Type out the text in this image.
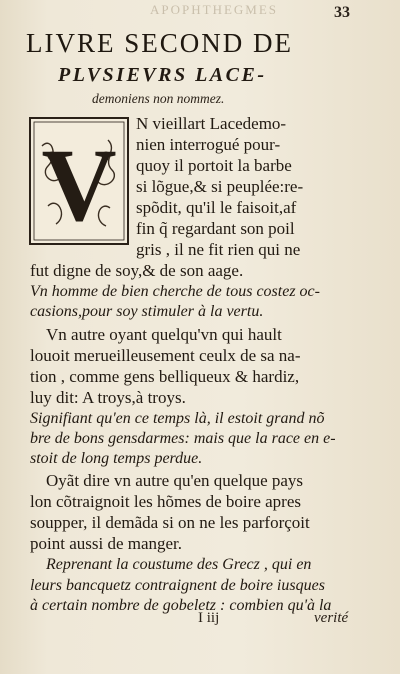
APOPHTHEGMES	33
LIVRE SECOND DE
PLVSIEVRS LACE-
demoniens non nommez.
V
N vieillart Lacedemo-
nien interrogué pour-
quoy il portoit la barbe
si lõgue,& si peuplée:re-
spõdit, qu'il le faisoit,af
fin q̃ regardant son poil
gris , il ne fit rien qui ne
fut digne de soy,& de son aage.
Vn homme de bien cherche de tous costez oc-
casions,pour soy stimuler à la vertu.
Vn autre oyant quelqu'vn qui hault
louoit merueilleusement ceulx de sa na-
tion , comme gens belliqueux & hardiz,
luy dit: A troys,à troys.
Signifiant qu'en ce temps là, il estoit grand nõ
bre de bons gensdarmes: mais que la race en e-
stoit de long temps perdue.
Oyãt dire vn autre qu'en quelque pays
lon cõtraignoit les hõmes de boire apres
soupper, il demãda si on ne les parforçoit
point aussi de manger.
Reprenant la coustume des Grecz , qui en
leurs bancquetz contraignent de boire iusques
à certain nombre de gobeletz : combien qu'à la
I iij	verité
